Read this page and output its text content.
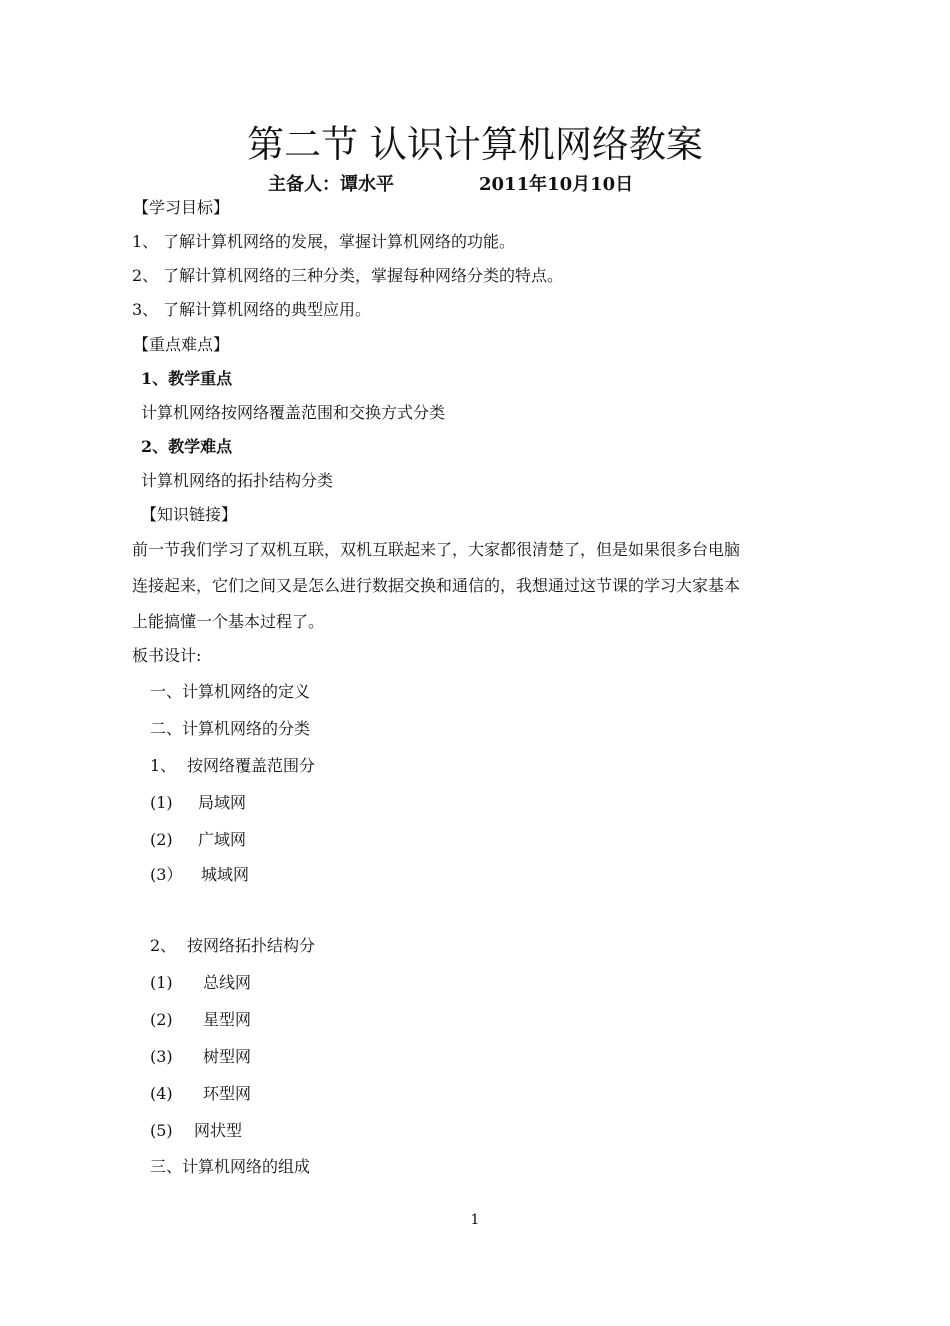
第二节 认识计算机网络教案
主备人：谭水平	2011年10月10日
【学习目标】
1、 了解计算机网络的发展，掌握计算机网络的功能。
2、 了解计算机网络的三种分类，掌握每种网络分类的特点。
3、 了解计算机网络的典型应用。
【重点难点】
1、教学重点
计算机网络按网络覆盖范围和交换方式分类
2、教学难点
计算机网络的拓扑结构分类
【知识链接】
前一节我们学习了双机互联，双机互联起来了，大家都很清楚了，但是如果很多台电脑
连接起来，它们之间又是怎么进行数据交换和通信的，我想通过这节课的学习大家基本
上能搞懂一个基本过程了。
板书设计:
一、计算机网络的定义
二、计算机网络的分类
1、 按网络覆盖范围分
(1) 局域网
(2) 广域网
(3） 城域网
2、 按网络拓扑结构分
(1) 总线网
(2) 星型网
(3) 树型网
(4) 环型网
(5) 网状型
三、计算机网络的组成
1
